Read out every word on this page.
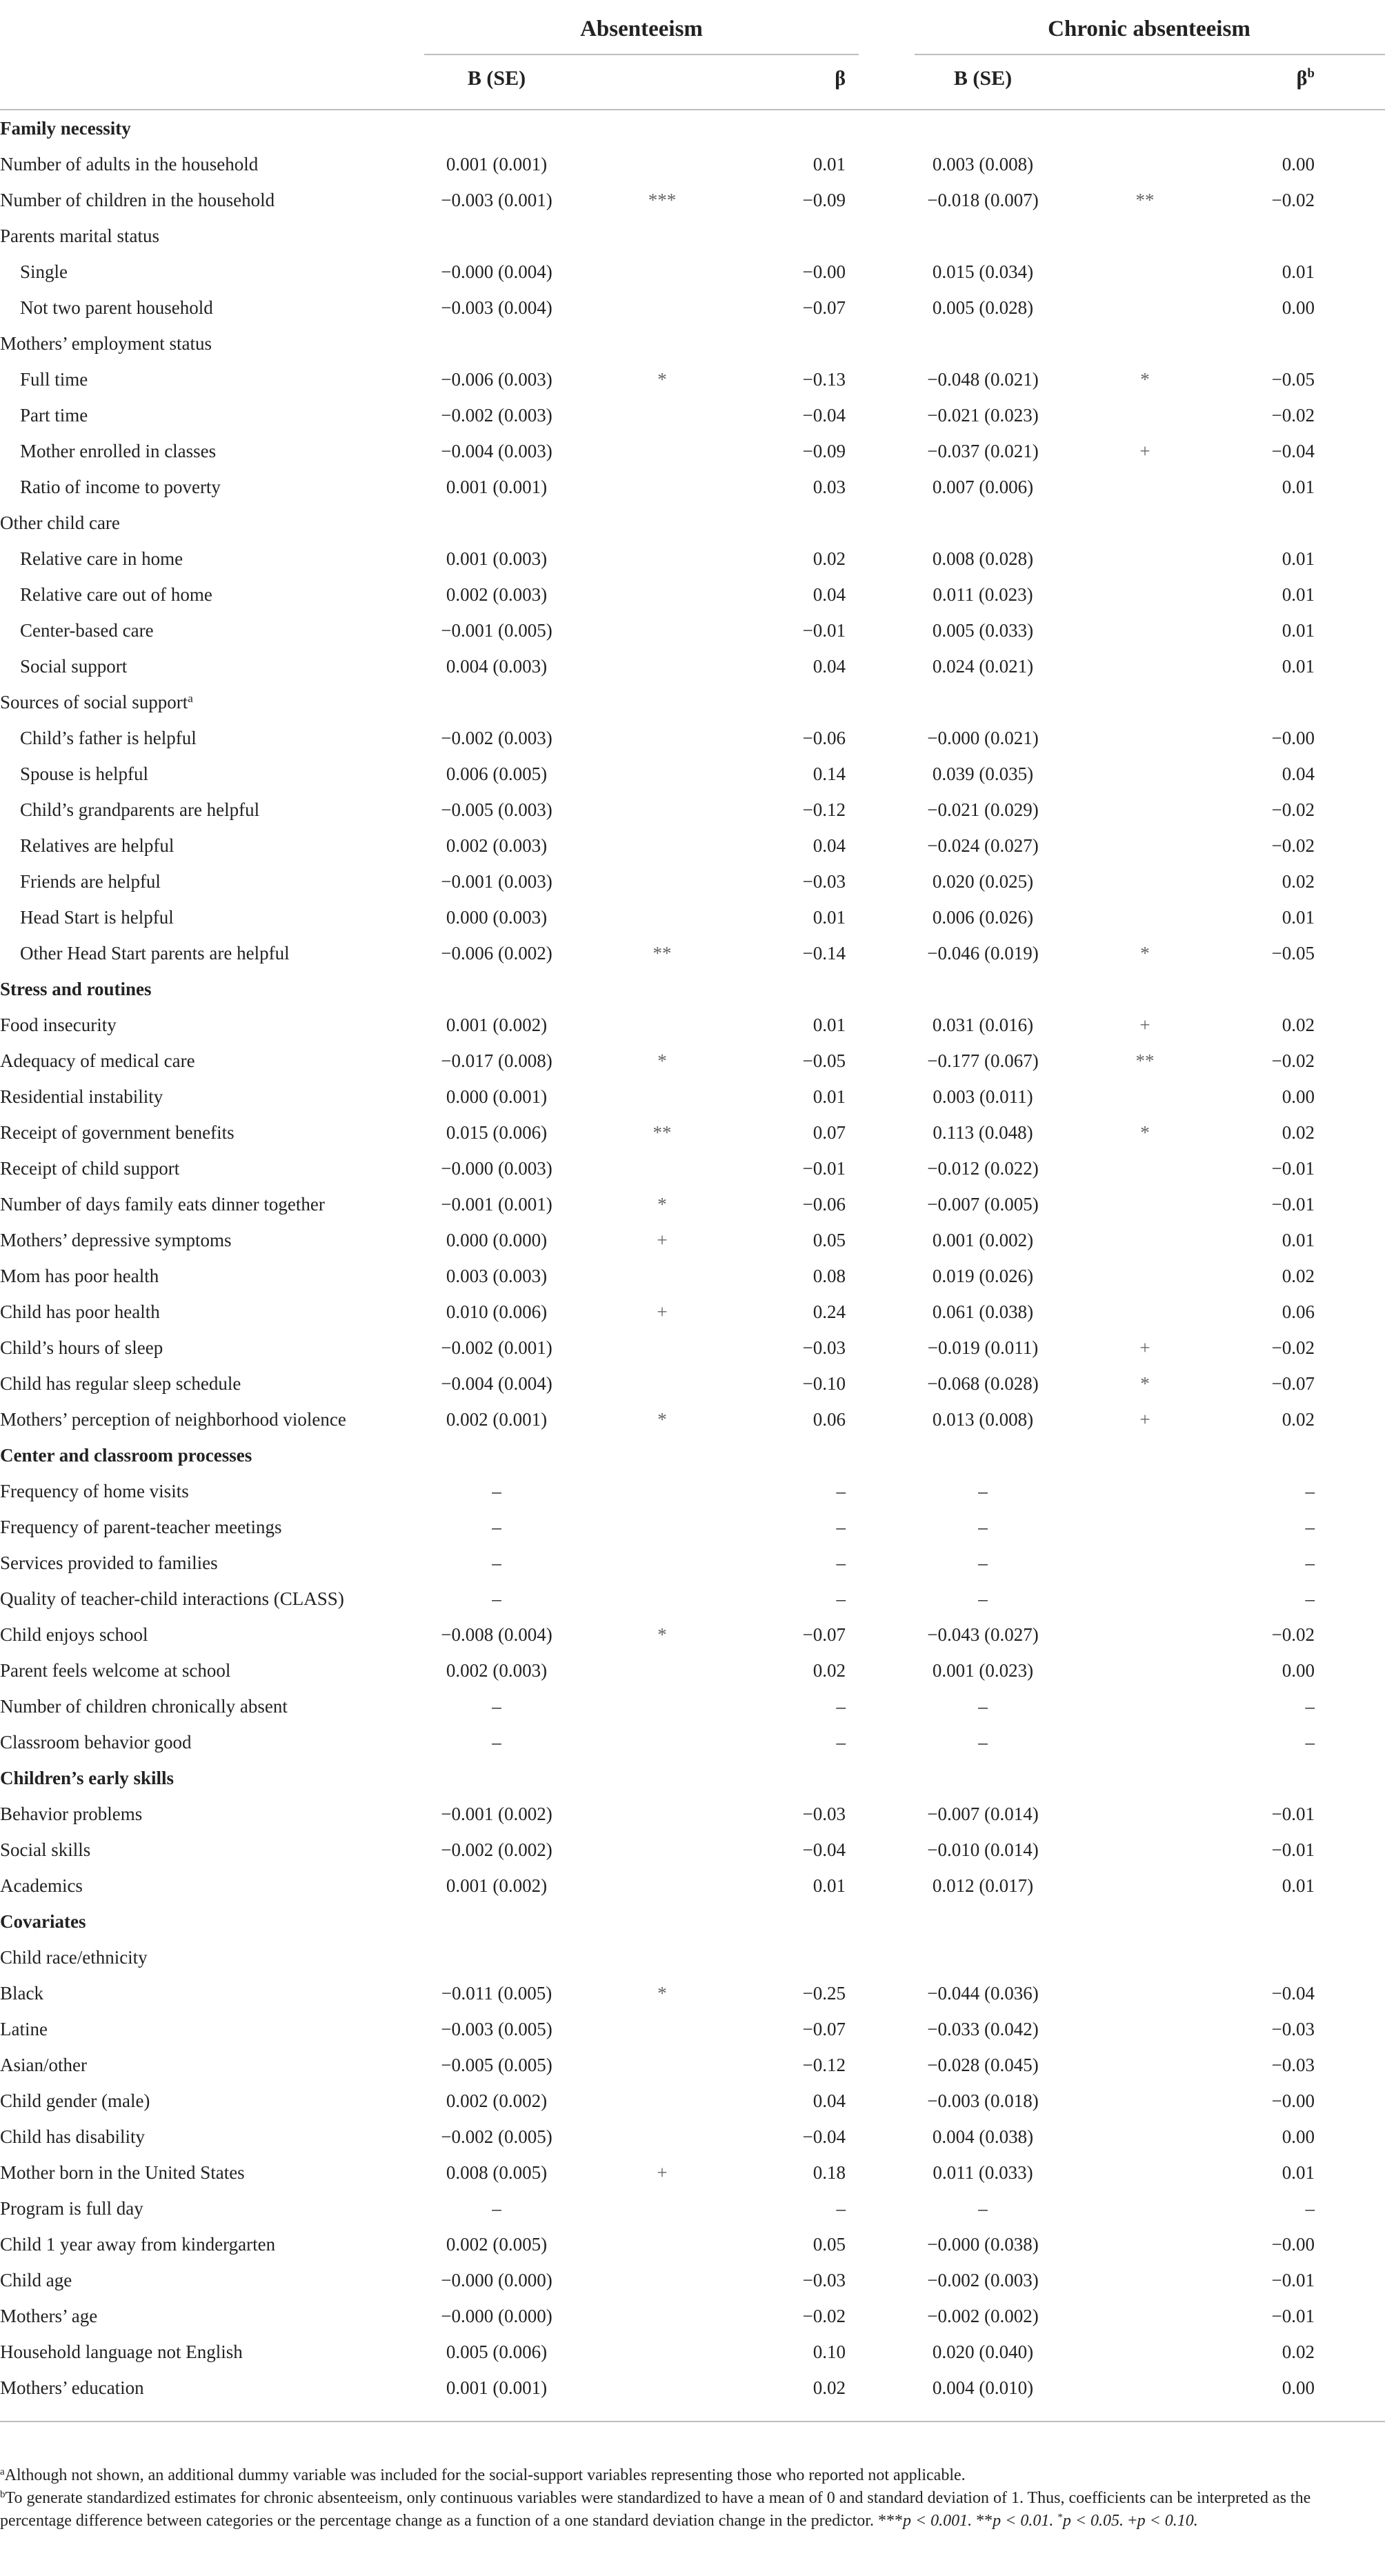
Absenteeism	Chronic absenteeism
B (SE)	β	B (SE)	$\beta^b$
Family necessity
Number of adults in the household	0.001 (0.001)	0.01	0.003 (0.008)	0.00
Number of children in the household	−0.003 (0.001)	***	−0.09	−0.018 (0.007)	**	−0.02
Parents marital status
Single	−0.000 (0.004)	−0.00	0.015 (0.034)	0.01
Not two parent household	−0.003 (0.004)	−0.07	0.005 (0.028)	0.00
Mothers’ employment status
Full time	−0.006 (0.003)	*	−0.13	−0.048 (0.021)	*	−0.05
Part time	−0.002 (0.003)	−0.04	−0.021 (0.023)	−0.02
Mother enrolled in classes	−0.004 (0.003)	−0.09	−0.037 (0.021)	+	−0.04
Ratio of income to poverty	0.001 (0.001)	0.03	0.007 (0.006)	0.01
Other child care
Relative care in home	0.001 (0.003)	0.02	0.008 (0.028)	0.01
Relative care out of home	0.002 (0.003)	0.04	0.011 (0.023)	0.01
Center-based care	−0.001 (0.005)	−0.01	0.005 (0.033)	0.01
Social support	0.004 (0.003)	0.04	0.024 (0.021)	0.01
Sources of social support$^a$
Child’s father is helpful	−0.002 (0.003)	−0.06	−0.000 (0.021)	−0.00
Spouse is helpful	0.006 (0.005)	0.14	0.039 (0.035)	0.04
Child’s grandparents are helpful	−0.005 (0.003)	−0.12	−0.021 (0.029)	−0.02
Relatives are helpful	0.002 (0.003)	0.04	−0.024 (0.027)	−0.02
Friends are helpful	−0.001 (0.003)	−0.03	0.020 (0.025)	0.02
Head Start is helpful	0.000 (0.003)	0.01	0.006 (0.026)	0.01
Other Head Start parents are helpful	−0.006 (0.002)	**	−0.14	−0.046 (0.019)	*	−0.05
Stress and routines
Food insecurity	0.001 (0.002)	0.01	0.031 (0.016)	+	0.02
Adequacy of medical care	−0.017 (0.008)	*	−0.05	−0.177 (0.067)	**	−0.02
Residential instability	0.000 (0.001)	0.01	0.003 (0.011)	0.00
Receipt of government benefits	0.015 (0.006)	**	0.07	0.113 (0.048)	*	0.02
Receipt of child support	−0.000 (0.003)	−0.01	−0.012 (0.022)	−0.01
Number of days family eats dinner together	−0.001 (0.001)	*	−0.06	−0.007 (0.005)	−0.01
Mothers’ depressive symptoms	0.000 (0.000)	+	0.05	0.001 (0.002)	0.01
Mom has poor health	0.003 (0.003)	0.08	0.019 (0.026)	0.02
Child has poor health	0.010 (0.006)	+	0.24	0.061 (0.038)	0.06
Child’s hours of sleep	−0.002 (0.001)	−0.03	−0.019 (0.011)	+	−0.02
Child has regular sleep schedule	−0.004 (0.004)	−0.10	−0.068 (0.028)	*	−0.07
Mothers’ perception of neighborhood violence	0.002 (0.001)	*	0.06	0.013 (0.008)	+	0.02
Center and classroom processes
Frequency of home visits	–	–	–	–
Frequency of parent-teacher meetings	–	–	–	–
Services provided to families	–	–	–	–
Quality of teacher-child interactions (CLASS)	–	–	–	–
Child enjoys school	−0.008 (0.004)	*	−0.07	−0.043 (0.027)	−0.02
Parent feels welcome at school	0.002 (0.003)	0.02	0.001 (0.023)	0.00
Number of children chronically absent	–	–	–	–
Classroom behavior good	–	–	–	–
Children’s early skills
Behavior problems	−0.001 (0.002)	−0.03	−0.007 (0.014)	−0.01
Social skills	−0.002 (0.002)	−0.04	−0.010 (0.014)	−0.01
Academics	0.001 (0.002)	0.01	0.012 (0.017)	0.01
Covariates
Child race/ethnicity
Black	−0.011 (0.005)	*	−0.25	−0.044 (0.036)	−0.04
Latine	−0.003 (0.005)	−0.07	−0.033 (0.042)	−0.03
Asian/other	−0.005 (0.005)	−0.12	−0.028 (0.045)	−0.03
Child gender (male)	0.002 (0.002)	0.04	−0.003 (0.018)	−0.00
Child has disability	−0.002 (0.005)	−0.04	0.004 (0.038)	0.00
Mother born in the United States	0.008 (0.005)	+	0.18	0.011 (0.033)	0.01
Program is full day	–	–	–	–
Child 1 year away from kindergarten	0.002 (0.005)	0.05	−0.000 (0.038)	−0.00
Child age	−0.000 (0.000)	−0.03	−0.002 (0.003)	−0.01
Mothers’ age	−0.000 (0.000)	−0.02	−0.002 (0.002)	−0.01
Household language not English	0.005 (0.006)	0.10	0.020 (0.040)	0.02
Mothers’ education	0.001 (0.001)	0.02	0.004 (0.010)	0.00

$^a$Although not shown, an additional dummy variable was included for the social-support variables representing those who reported not applicable.

$^b$To generate standardized estimates for chronic absenteeism, only continuous variables were standardized to have a mean of 0 and standard deviation of 1. Thus, coefficients can be interpreted as the percentage difference between categories or the percentage change as a function of a one standard deviation change in the predictor. ***p < 0.001. **p < 0.01. *p < 0.05. +p < 0.10.
